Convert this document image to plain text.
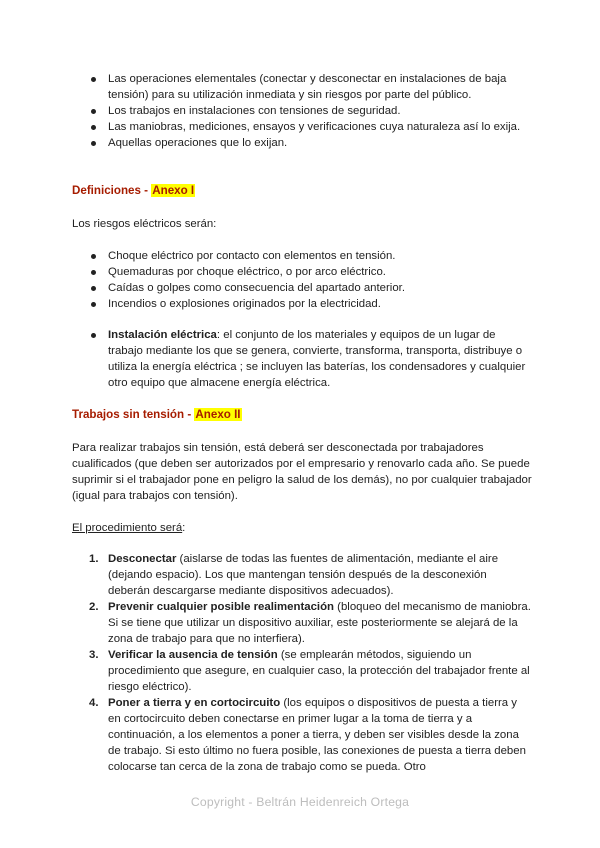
Las operaciones elementales (conectar y desconectar en instalaciones de baja tensión) para su utilización inmediata y sin riesgos por parte del público.
Los trabajos en instalaciones con tensiones de seguridad.
Las maniobras, mediciones, ensayos y verificaciones cuya naturaleza así lo exija.
Aquellas operaciones que lo exijan.
Definiciones - Anexo I
Los riesgos eléctricos serán:
Choque eléctrico por contacto con elementos en tensión.
Quemaduras por choque eléctrico, o por arco eléctrico.
Caídas o golpes como consecuencia del apartado anterior.
Incendios o explosiones originados por la electricidad.
Instalación eléctrica: el conjunto de los materiales y equipos de un lugar de trabajo mediante los que se genera, convierte, transforma, transporta, distribuye o utiliza la energía eléctrica ; se incluyen las baterías, los condensadores y cualquier otro equipo que almacene energía eléctrica.
Trabajos sin tensión - Anexo II
Para realizar trabajos sin tensión, está deberá ser desconectada por trabajadores cualificados (que deben ser autorizados por el empresario y renovarlo cada año. Se puede suprimir si el trabajador pone en peligro la salud de los demás), no por cualquier trabajador (igual para trabajos con tensión).
El procedimiento será:
1. Desconectar (aislarse de todas las fuentes de alimentación, mediante el aire (dejando espacio). Los que mantengan tensión después de la desconexión deberán descargarse mediante dispositivos adecuados).
2. Prevenir cualquier posible realimentación (bloqueo del mecanismo de maniobra. Si se tiene que utilizar un dispositivo auxiliar, este posteriormente se alejará de la zona de trabajo para que no interfiera).
3. Verificar la ausencia de tensión (se emplearán métodos, siguiendo un procedimiento que asegure, en cualquier caso, la protección del trabajador frente al riesgo eléctrico).
4. Poner a tierra y en cortocircuito (los equipos o dispositivos de puesta a tierra y en cortocircuito deben conectarse en primer lugar a la toma de tierra y a continuación, a los elementos a poner a tierra, y deben ser visibles desde la zona de trabajo. Si esto último no fuera posible, las conexiones de puesta a tierra deben colocarse tan cerca de la zona de trabajo como se pueda. Otro
Copyright - Beltrán Heidenreich Ortega
